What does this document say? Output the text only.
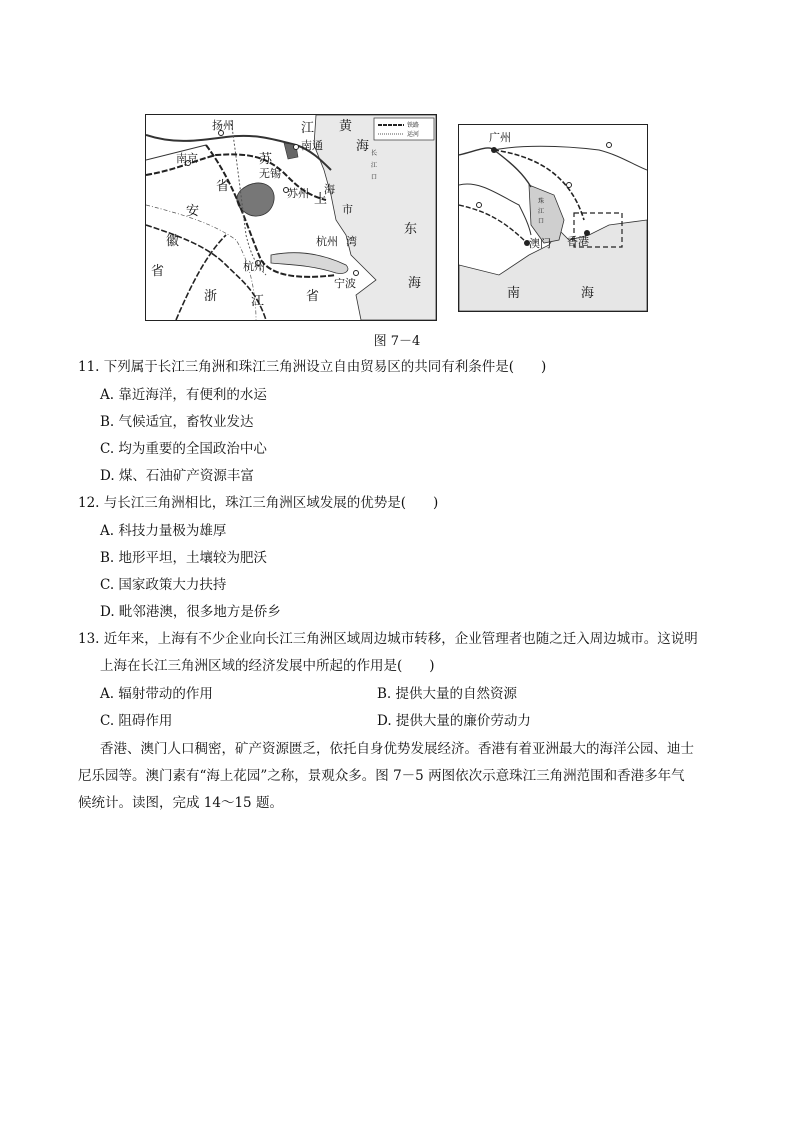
铁路
运河
扬州	江 黄
南通
南京	苏
无锡
长
江
口
海
省	苏州 上
海
市
安
杭州 湾
东
徽
省	杭州
宁波
浙	江	省
海
广州
珠
江
口
澳门 香港
南	海
图 7－4
11. 下列属于长江三角洲和珠江三角洲设立自由贸易区的共同有利条件是(　　)
A. 靠近海洋，有便利的水运
B. 气候适宜，畜牧业发达
C. 均为重要的全国政治中心
D. 煤、石油矿产资源丰富
12. 与长江三角洲相比，珠江三角洲区域发展的优势是(　　)
A. 科技力量极为雄厚
B. 地形平坦，土壤较为肥沃
C. 国家政策大力扶持
D. 毗邻港澳，很多地方是侨乡
13. 近年来，上海有不少企业向长江三角洲区域周边城市转移，企业管理者也随之迁入周边城市。这说明
上海在长江三角洲区域的经济发展中所起的作用是(　　)
A. 辐射带动的作用	B. 提供大量的自然资源
C. 阻碍作用	D. 提供大量的廉价劳动力
香港、澳门人口稠密，矿产资源匮乏，依托自身优势发展经济。香港有着亚洲最大的海洋公园、迪士
尼乐园等。澳门素有“海上花园”之称，景观众多。图 7－5 两图依次示意珠江三角洲范围和香港多年气
候统计。读图，完成 14～15 题。
